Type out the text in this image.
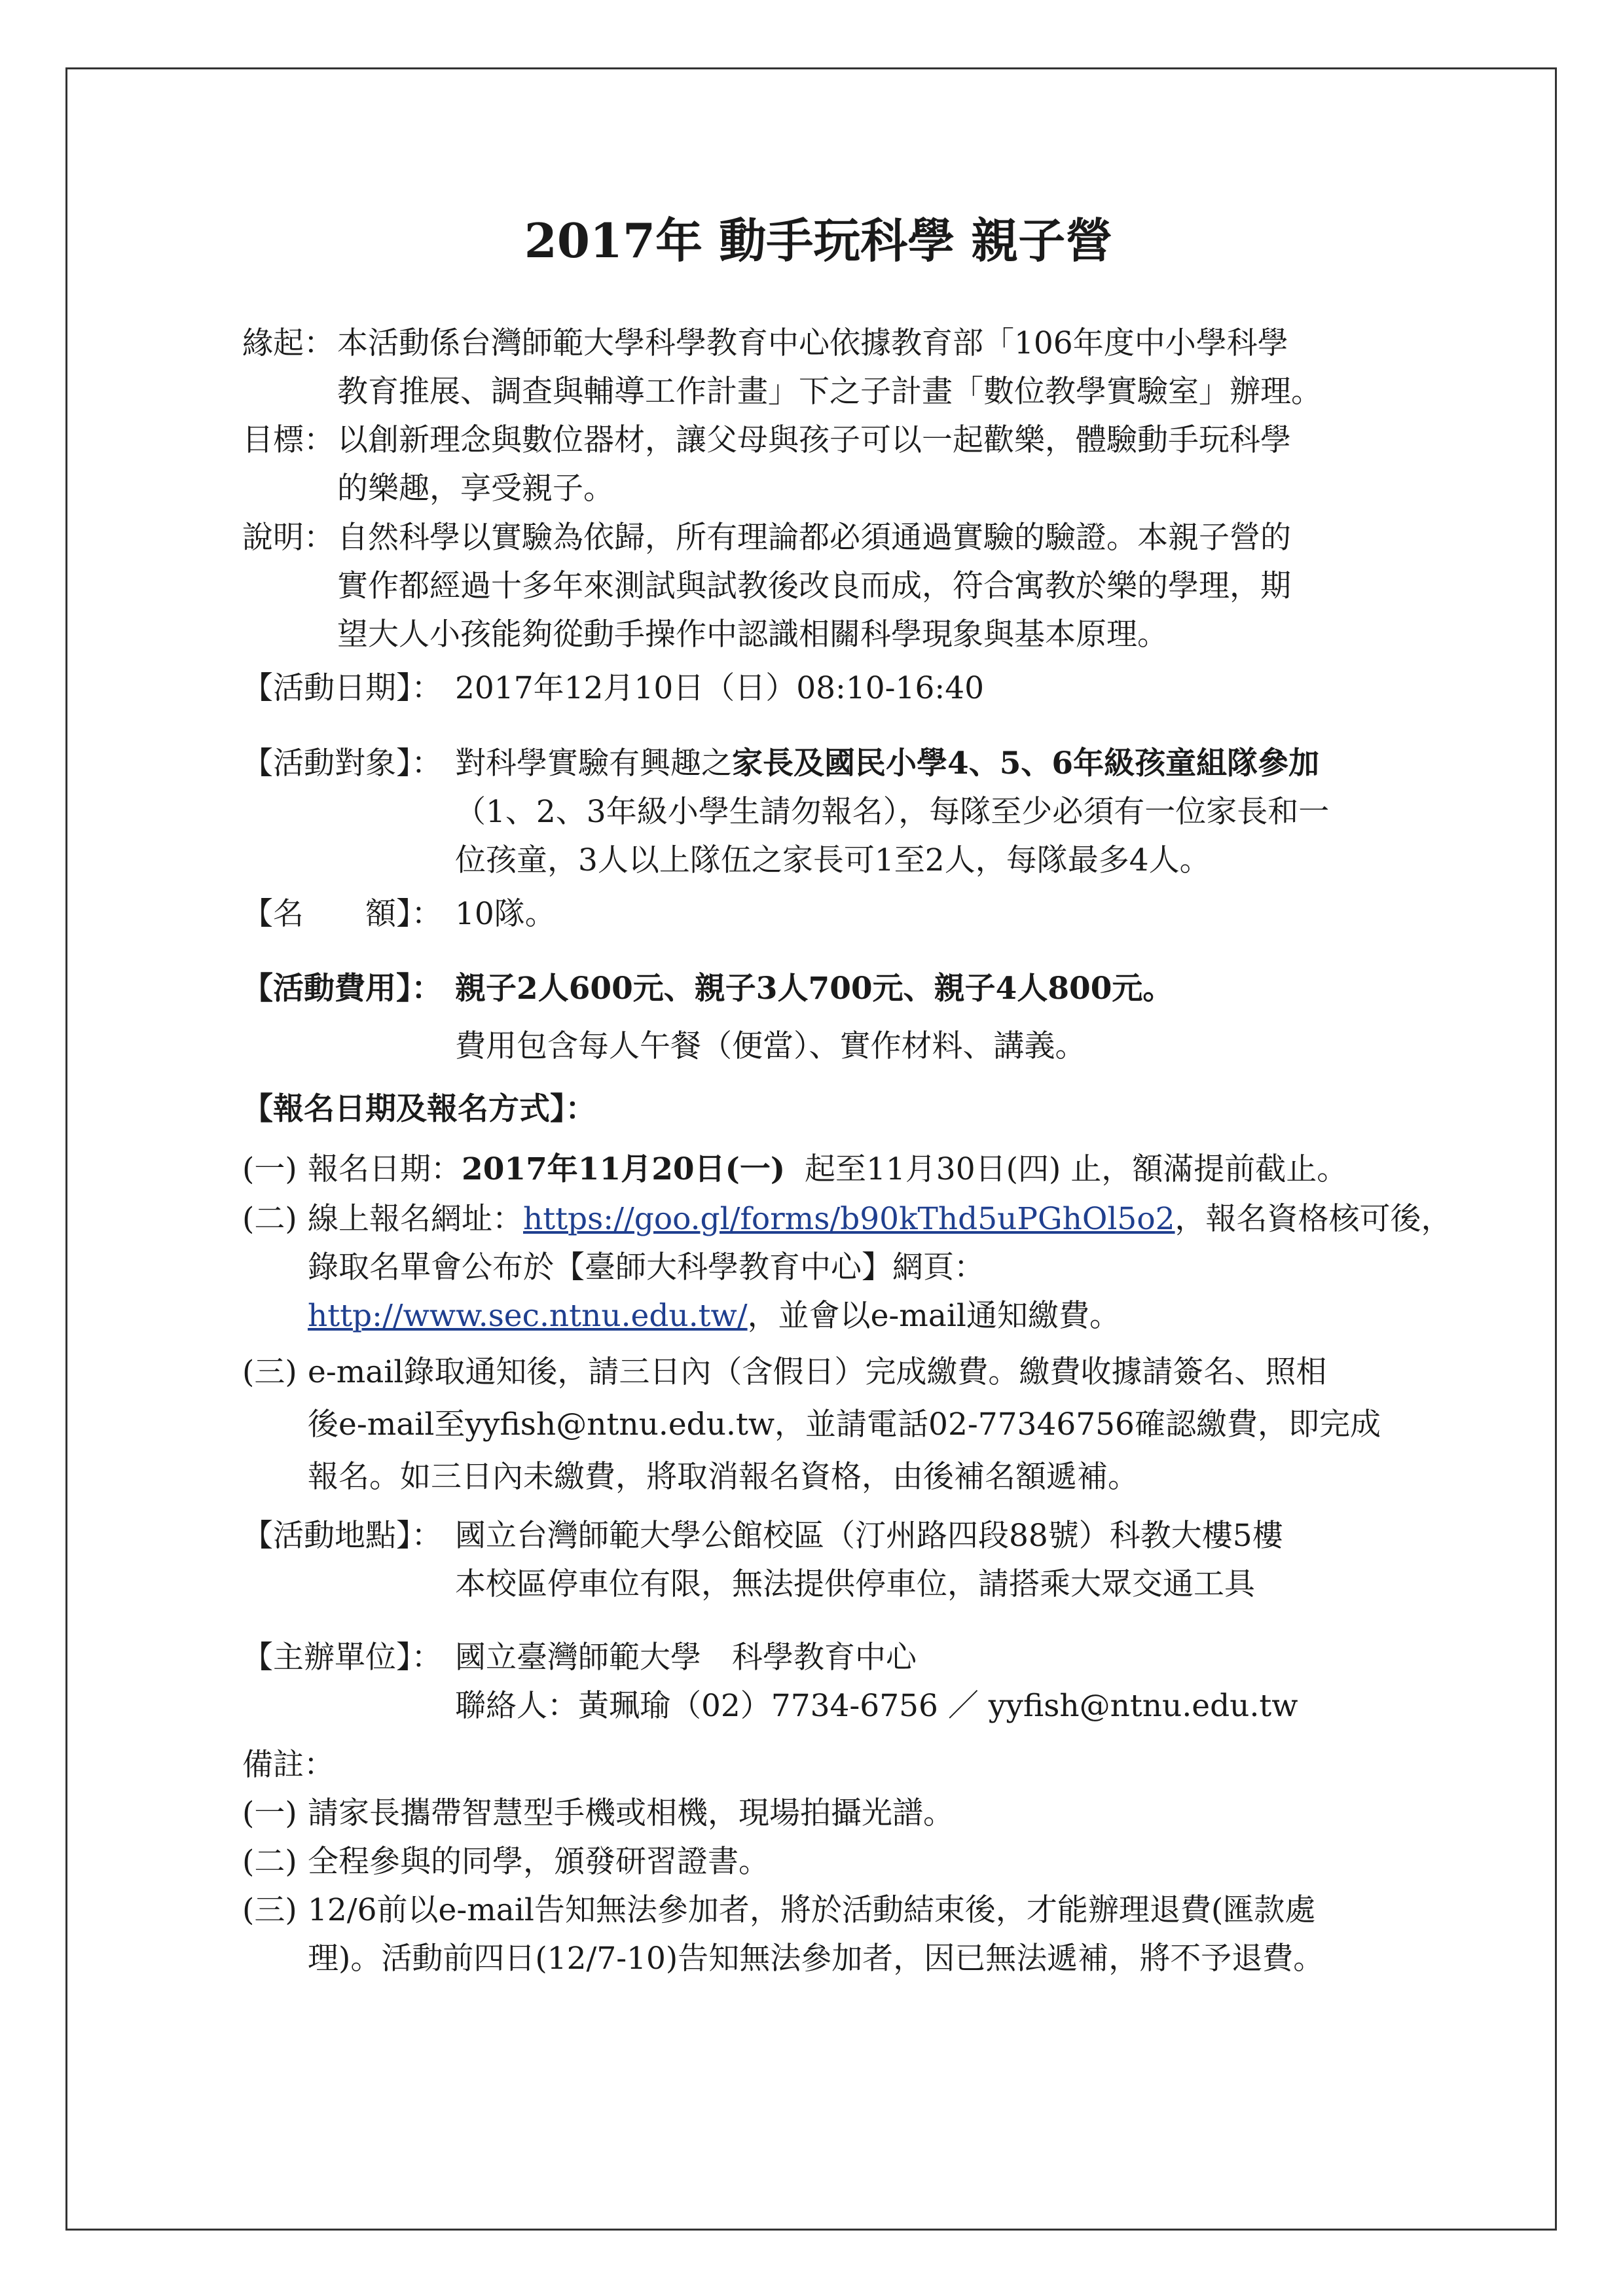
2017年 動手玩科學 親子營
緣起： 本活動係台灣師範大學科學教育中心依據教育部「106年度中小學科學
教育推展、調查與輔導工作計畫」下之子計畫「數位教學實驗室」辦理。
目標： 以創新理念與數位器材，讓父母與孩子可以一起歡樂，體驗動手玩科學
的樂趣，享受親子。
說明： 自然科學以實驗為依歸，所有理論都必須通過實驗的驗證。本親子營的
實作都經過十多年來測試與試教後改良而成，符合寓教於樂的學理，期
望大人小孩能夠從動手操作中認識相關科學現象與基本原理。
【活動日期】： 2017年12月10日（日）08:10-16:40
【活動對象】： 對科學實驗有興趣之家長及國民小學4、5、6年級孩童組隊參加
（1、2、3年級小學生請勿報名），每隊至少必須有一位家長和一
位孩童，3人以上隊伍之家長可1至2人，每隊最多4人。
【名　　額】： 10隊。
【活動費用】： 親子2人600元、親子3人700元、親子4人800元。
費用包含每人午餐（便當）、實作材料、講義。
【報名日期及報名方式】：
(一) 報名日期：2017年11月20日(一) 起至11月30日(四) 止，額滿提前截止。
(二) 線上報名網址：https://goo.gl/forms/b90kThd5uPGhOl5o2，報名資格核可後，
錄取名單會公布於【臺師大科學教育中心】網頁：
http://www.sec.ntnu.edu.tw/，並會以e-mail通知繳費。
(三) e-mail錄取通知後，請三日內（含假日）完成繳費。繳費收據請簽名、照相
後e-mail至yyfish@ntnu.edu.tw，並請電話02-77346756確認繳費，即完成
報名。如三日內未繳費，將取消報名資格，由後補名額遞補。
【活動地點】： 國立台灣師範大學公館校區（汀州路四段88號）科教大樓5樓
本校區停車位有限，無法提供停車位，請搭乘大眾交通工具
【主辦單位】： 國立臺灣師範大學　科學教育中心
聯絡人：黃珮瑜（02）7734-6756 ／ yyfish@ntnu.edu.tw
備註：
(一) 請家長攜帶智慧型手機或相機，現場拍攝光譜。
(二) 全程參與的同學，頒發研習證書。
(三) 12/6前以e-mail告知無法參加者，將於活動結束後，才能辦理退費(匯款處
理)。活動前四日(12/7-10)告知無法參加者，因已無法遞補，將不予退費。
